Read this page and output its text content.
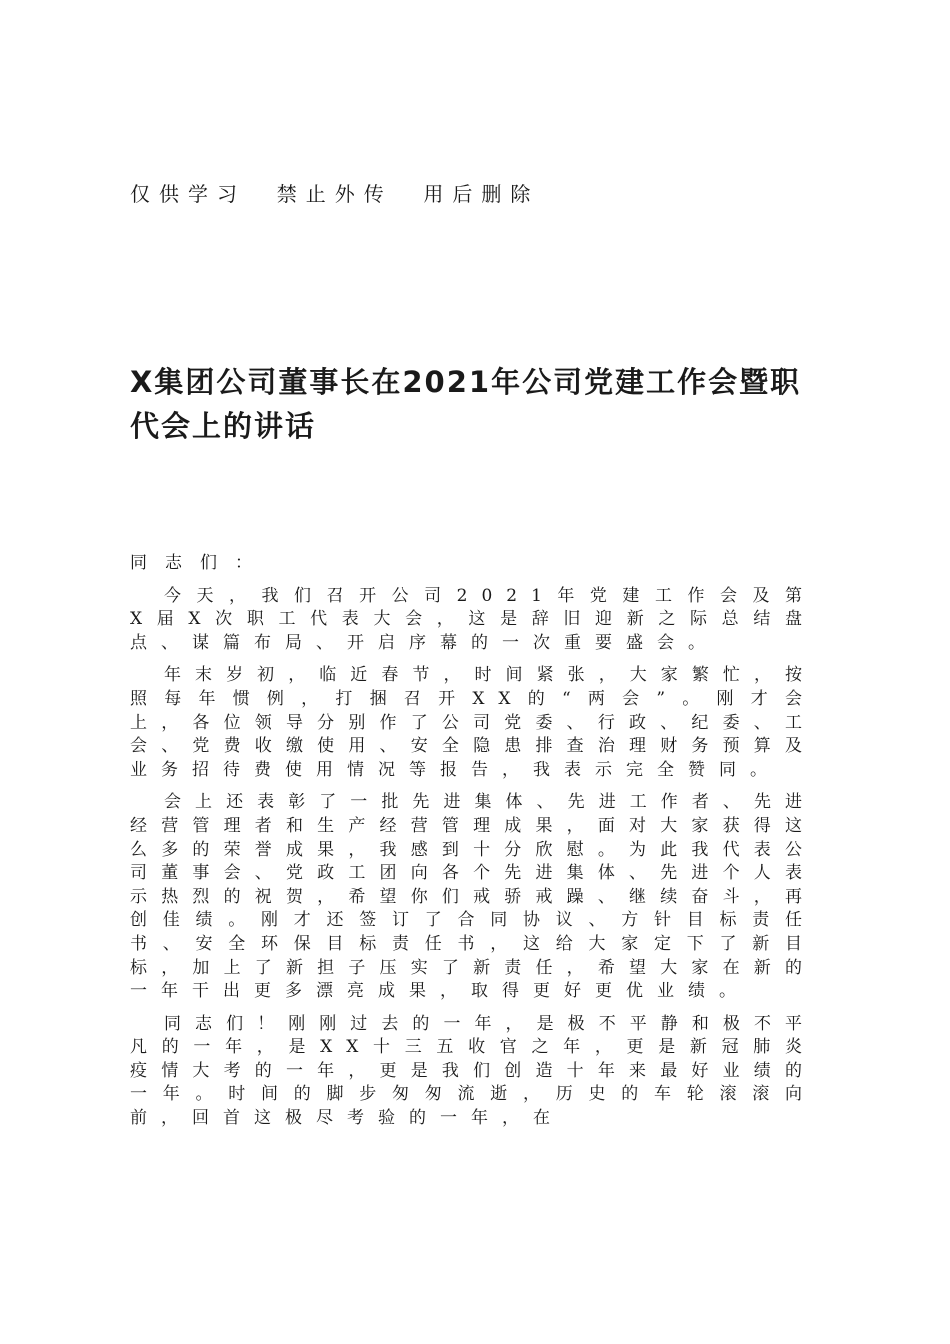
仅供学习  禁止外传  用后删除
X集团公司董事长在2021年公司党建工作会暨职代会上的讲话

同志们：

今天，我们召开公司2021年党建工作会及第X届X次职工代表大会，这是辞旧迎新之际总结盘点、谋篇布局、开启序幕的一次重要盛会。

年末岁初，临近春节，时间紧张，大家繁忙，按照每年惯例，打捆召开XX的“两会”。刚才会上，各位领导分别作了公司党委、行政、纪委、工会、党费收缴使用、安全隐患排查治理财务预算及业务招待费使用情况等报告，我表示完全赞同。

会上还表彰了一批先进集体、先进工作者、先进经营管理者和生产经营管理成果，面对大家获得这么多的荣誉成果，我感到十分欣慰。为此我代表公司董事会、党政工团向各个先进集体、先进个人表示热烈的祝贺，希望你们戒骄戒躁、继续奋斗，再创佳绩。刚才还签订了合同协议、方针目标责任书、安全环保目标责任书，这给大家定下了新目标，加上了新担子压实了新责任，希望大家在新的一年干出更多漂亮成果，取得更好更优业绩。

同志们！刚刚过去的一年，是极不平静和极不平凡的一年，是XX十三五收官之年，更是新冠肺炎疫情大考的一年，更是我们创造十年来最好业绩的一年。时间的脚步匆匆流逝，历史的车轮滚滚向前，回首这极尽考验的一年，在
